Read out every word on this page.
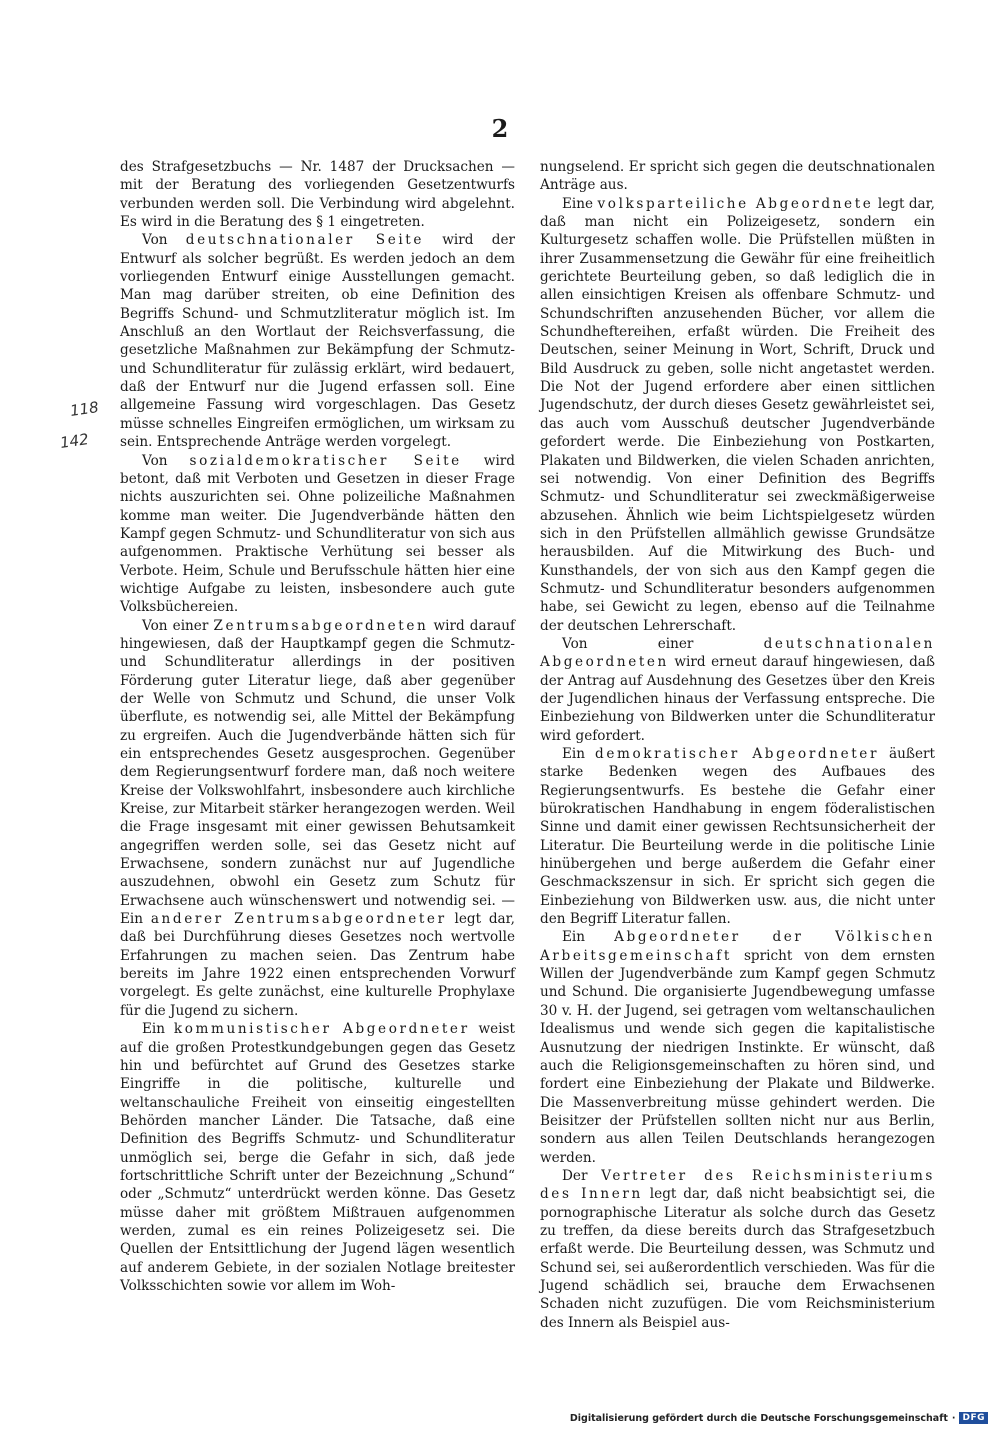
2
118
142

des Strafgesetzbuchs — Nr. 1487 der Drucksachen — mit der Beratung des vorliegenden Gesetzentwurfs verbunden werden soll. Die Verbindung wird abgelehnt. Es wird in die Beratung des § 1 eingetreten.

Von deutschnationaler Seite wird der Entwurf als solcher begrüßt. Es werden jedoch an dem vorliegenden Entwurf einige Ausstellungen gemacht. Man mag darüber streiten, ob eine Definition des Begriffs Schund- und Schmutzliteratur möglich ist. Im Anschluß an den Wortlaut der Reichsverfassung, die gesetzliche Maßnahmen zur Bekämpfung der Schmutz- und Schundliteratur für zulässig erklärt, wird bedauert, daß der Entwurf nur die Jugend erfassen soll. Eine allgemeine Fassung wird vorgeschlagen. Das Gesetz müsse schnelles Eingreifen ermöglichen, um wirksam zu sein. Entsprechende Anträge werden vorgelegt.

Von sozialdemokratischer Seite wird betont, daß mit Verboten und Gesetzen in dieser Frage nichts auszurichten sei. Ohne polizeiliche Maßnahmen komme man weiter. Die Jugendverbände hätten den Kampf gegen Schmutz- und Schundliteratur von sich aus aufgenommen. Praktische Verhütung sei besser als Verbote. Heim, Schule und Berufsschule hätten hier eine wichtige Aufgabe zu leisten, insbesondere auch gute Volksbüchereien.

Von einer Zentrumsabgeordneten wird darauf hingewiesen, daß der Hauptkampf gegen die Schmutz- und Schundliteratur allerdings in der positiven Förderung guter Literatur liege, daß aber gegenüber der Welle von Schmutz und Schund, die unser Volk überflute, es notwendig sei, alle Mittel der Bekämpfung zu ergreifen. Auch die Jugendverbände hätten sich für ein entsprechendes Gesetz ausgesprochen. Gegenüber dem Regierungsentwurf fordere man, daß noch weitere Kreise der Volkswohlfahrt, insbesondere auch kirchliche Kreise, zur Mitarbeit stärker herangezogen werden. Weil die Frage insgesamt mit einer gewissen Behutsamkeit angegriffen werden solle, sei das Gesetz nicht auf Erwachsene, sondern zunächst nur auf Jugendliche auszudehnen, obwohl ein Gesetz zum Schutz für Erwachsene auch wünschenswert und notwendig sei. — Ein anderer Zentrumsabgeordneter legt dar, daß bei Durchführung dieses Gesetzes noch wertvolle Erfahrungen zu machen seien. Das Zentrum habe bereits im Jahre 1922 einen entsprechenden Vorwurf vorgelegt. Es gelte zunächst, eine kulturelle Prophylaxe für die Jugend zu sichern.

Ein kommunistischer Abgeordneter weist auf die großen Protestkundgebungen gegen das Gesetz hin und befürchtet auf Grund des Gesetzes starke Eingriffe in die politische, kulturelle und weltanschauliche Freiheit von einseitig eingestellten Behörden mancher Länder. Die Tatsache, daß eine Definition des Begriffs Schmutz- und Schundliteratur unmöglich sei, berge die Gefahr in sich, daß jede fortschrittliche Schrift unter der Bezeichnung „Schund“ oder „Schmutz“ unterdrückt werden könne. Das Gesetz müsse daher mit größtem Mißtrauen aufgenommen werden, zumal es ein reines Polizeigesetz sei. Die Quellen der Entsittlichung der Jugend lägen wesentlich auf anderem Gebiete, in der sozialen Notlage breitester Volksschichten sowie vor allem im Woh-

nungselend. Er spricht sich gegen die deutschnationalen Anträge aus.

Eine volksparteiliche Abgeordnete legt dar, daß man nicht ein Polizeigesetz, sondern ein Kulturgesetz schaffen wolle. Die Prüfstellen müßten in ihrer Zusammensetzung die Gewähr für eine freiheitlich gerichtete Beurteilung geben, so daß lediglich die in allen einsichtigen Kreisen als offenbare Schmutz- und Schundschriften anzusehenden Bücher, vor allem die Schundheftereihen, erfaßt würden. Die Freiheit des Deutschen, seiner Meinung in Wort, Schrift, Druck und Bild Ausdruck zu geben, solle nicht angetastet werden. Die Not der Jugend erfordere aber einen sittlichen Jugendschutz, der durch dieses Gesetz gewährleistet sei, das auch vom Ausschuß deutscher Jugendverbände gefordert werde. Die Einbeziehung von Postkarten, Plakaten und Bildwerken, die vielen Schaden anrichten, sei notwendig. Von einer Definition des Begriffs Schmutz- und Schundliteratur sei zweckmäßigerweise abzusehen. Ähnlich wie beim Lichtspielgesetz würden sich in den Prüfstellen allmählich gewisse Grundsätze herausbilden. Auf die Mitwirkung des Buch- und Kunsthandels, der von sich aus den Kampf gegen die Schmutz- und Schundliteratur besonders aufgenommen habe, sei Gewicht zu legen, ebenso auf die Teilnahme der deutschen Lehrerschaft.

Von einer deutschnationalen Abgeordneten wird erneut darauf hingewiesen, daß der Antrag auf Ausdehnung des Gesetzes über den Kreis der Jugendlichen hinaus der Verfassung entspreche. Die Einbeziehung von Bildwerken unter die Schundliteratur wird gefordert.

Ein demokratischer Abgeordneter äußert starke Bedenken wegen des Aufbaues des Regierungsentwurfs. Es bestehe die Gefahr einer bürokratischen Handhabung in engem föderalistischen Sinne und damit einer gewissen Rechtsunsicherheit der Literatur. Die Beurteilung werde in die politische Linie hinübergehen und berge außerdem die Gefahr einer Geschmackszensur in sich. Er spricht sich gegen die Einbeziehung von Bildwerken usw. aus, die nicht unter den Begriff Literatur fallen.

Ein Abgeordneter der Völkischen Arbeitsgemeinschaft spricht von dem ernsten Willen der Jugendverbände zum Kampf gegen Schmutz und Schund. Die organisierte Jugendbewegung umfasse 30 v. H. der Jugend, sei getragen vom weltanschaulichen Idealismus und wende sich gegen die kapitalistische Ausnutzung der niedrigen Instinkte. Er wünscht, daß auch die Religionsgemeinschaften zu hören sind, und fordert eine Einbeziehung der Plakate und Bildwerke. Die Massenverbreitung müsse gehindert werden. Die Beisitzer der Prüfstellen sollten nicht nur aus Berlin, sondern aus allen Teilen Deutschlands herangezogen werden.

Der Vertreter des Reichsministeriums des Innern legt dar, daß nicht beabsichtigt sei, die pornographische Literatur als solche durch das Gesetz zu treffen, da diese bereits durch das Strafgesetzbuch erfaßt werde. Die Beurteilung dessen, was Schmutz und Schund sei, sei außerordentlich verschieden. Was für die Jugend schädlich sei, brauche dem Erwachsenen Schaden nicht zuzufügen. Die vom Reichsministerium des Innern als Beispiel aus-

Digitalisierung gefördert durch die Deutsche Forschungsgemeinschaft · DFG
